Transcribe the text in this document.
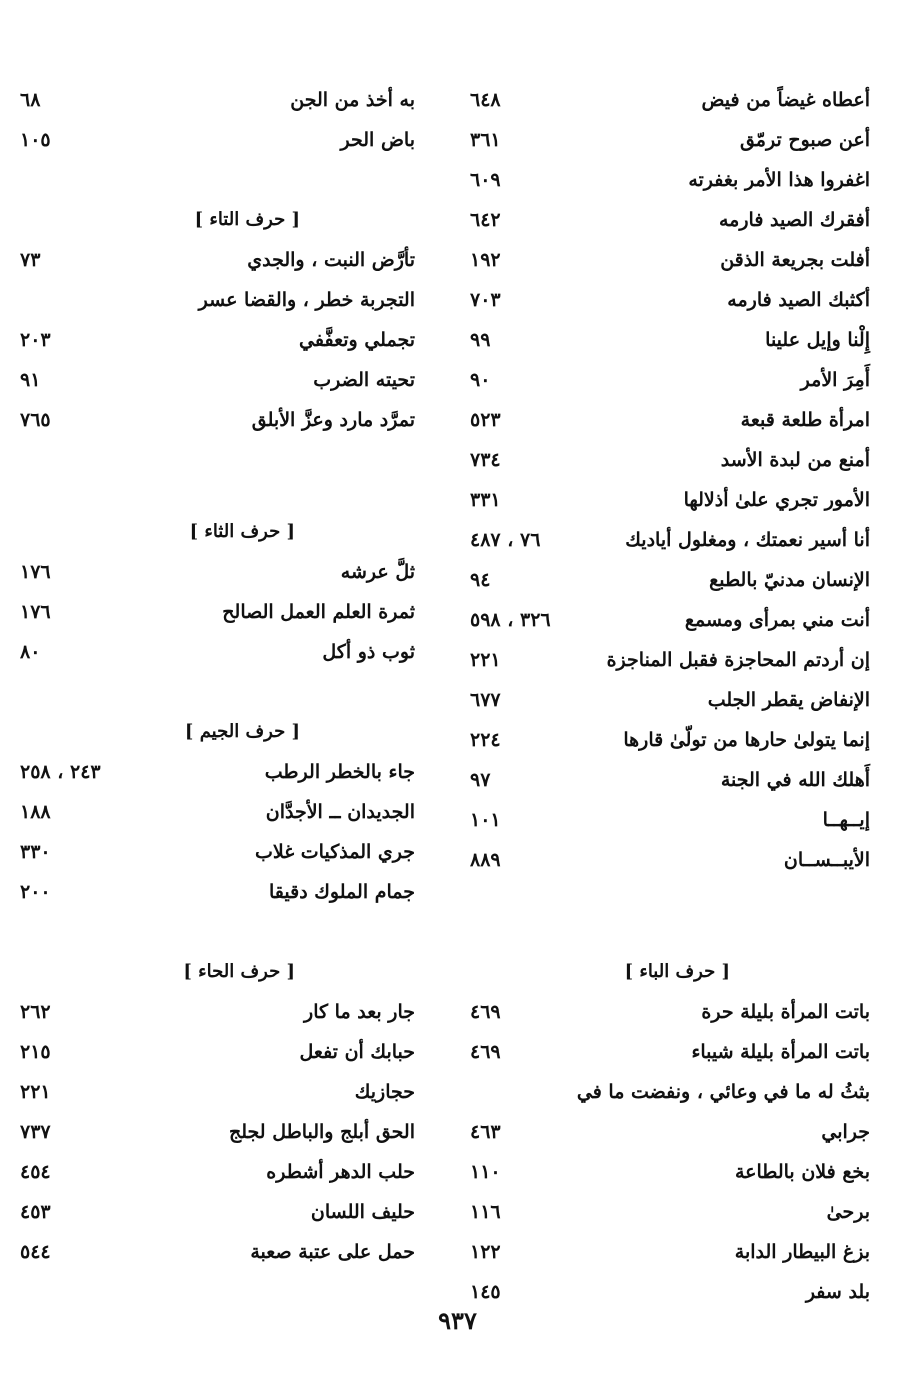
أعطاه غيضاً من فيض
٦٤٨
أعن صبوح ترمّق
٣٦١
اغفروا هذا الأمر بغفرته
٦٠٩
أفقرك الصيد فارمه
٦٤٢
أفلت بجريعة الذقن
١٩٢
أكثبك الصيد فارمه
٧٠٣
إِلْنا وإيل علينا
٩٩
أَمِرَ الأمر
٩٠
امرأة طلعة قبعة
٥٢٣
أمنع من لبدة الأسد
٧٣٤
الأمور تجري علىٰ أذلالها
٣٣١
أنا أسير نعمتك ، ومغلول أياديك
٧٦ ، ٤٨٧
الإنسان مدنيّ بالطبع
٩٤
أنت مني بمرأى ومسمع
٣٢٦ ، ٥٩٨
إن أردتم المحاجزة فقبل المناجزة
٢٢١
الإنفاض يقطر الجلب
٦٧٧
إنما يتولىٰ حارها من تولّىٰ قارها
٢٢٤
أَهلك الله في الجنة
٩٧
إيــهــا
١٠١
الأيبــســان
٨٨٩
[ حرف الباء ]
باتت المرأة بليلة حرة
٤٦٩
باتت المرأة بليلة شيباء
٤٦٩
بثثُ له ما في وعائي ، ونفضت ما في
جرابي
٤٦٣
بخع فلان بالطاعة
١١٠
برحىٰ
١١٦
بزغ البيطار الدابة
١٢٢
بلد سفر
١٤٥
به أخذ من الجن
٦٨
باض الحر
١٠٥
[ حرف التاء ]
تأرَّض النبت ، والجدي
٧٣
التجربة خطر ، والقضا عسر
تجملي وتعفَّفي
٢٠٣
تحيته الضرب
٩١
تمرَّد مارد وعزَّ الأبلق
٧٦٥
[ حرف الثاء ]
ثلَّ عرشه
١٧٦
ثمرة العلم العمل الصالح
١٧٦
ثوب ذو أكل
٨٠
[ حرف الجيم ]
جاء بالخطر الرطب
٢٤٣ ، ٢٥٨
الجديدان ــ الأجدَّان
١٨٨
جري المذكيات غلاب
٣٣٠
جمام الملوك دقيقا
٢٠٠
[ حرف الحاء ]
جار بعد ما كار
٢٦٢
حبابك أن تفعل
٢١٥
حجازيك
٢٢١
الحق أبلج والباطل لجلج
٧٣٧
حلب الدهر أشطره
٤٥٤
حليف اللسان
٤٥٣
حمل على عتبة صعبة
٥٤٤
٩٣٧
